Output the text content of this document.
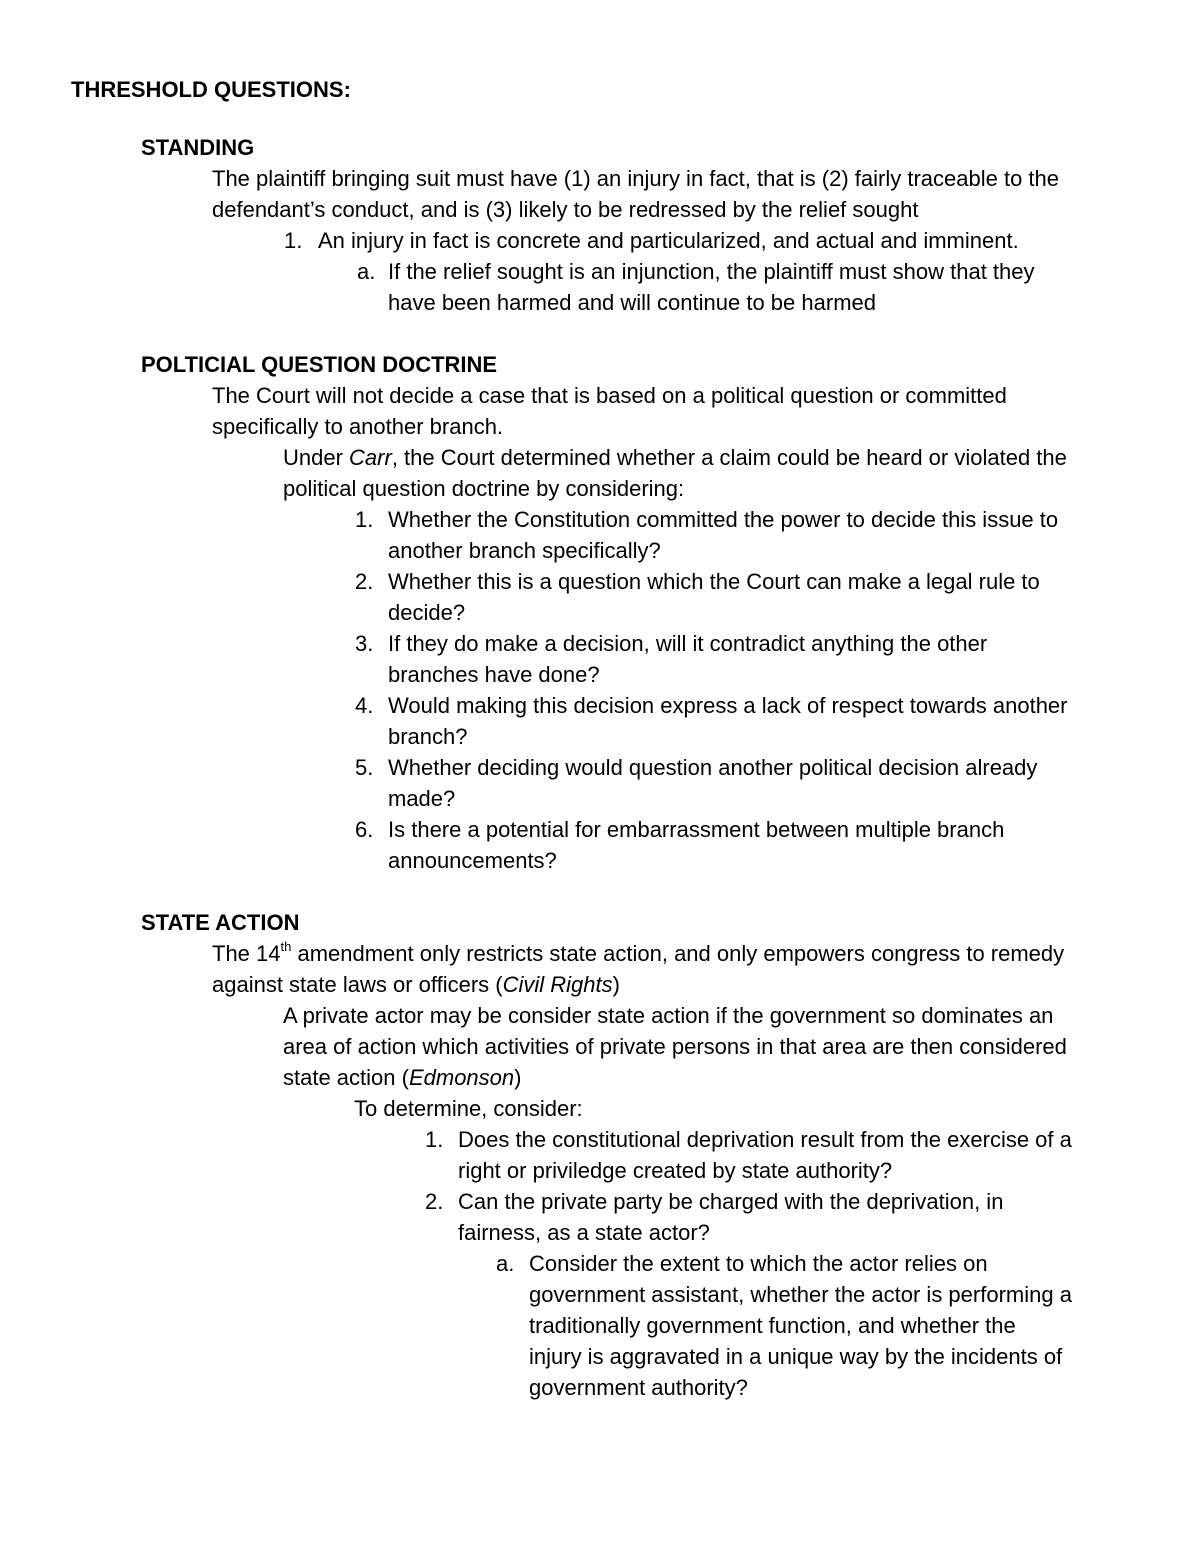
THRESHOLD QUESTIONS:
STANDING
The plaintiff bringing suit must have (1) an injury in fact, that is (2) fairly traceable to the
defendant’s conduct, and is (3) likely to be redressed by the relief sought
1. An injury in fact is concrete and particularized, and actual and imminent.
a. If the relief sought is an injunction, the plaintiff must show that they
have been harmed and will continue to be harmed
POLTICIAL QUESTION DOCTRINE
The Court will not decide a case that is based on a political question or committed
specifically to another branch.
Under Carr, the Court determined whether a claim could be heard or violated the
political question doctrine by considering:
1. Whether the Constitution committed the power to decide this issue to
another branch specifically?
2. Whether this is a question which the Court can make a legal rule to
decide?
3. If they do make a decision, will it contradict anything the other
branches have done?
4. Would making this decision express a lack of respect towards another
branch?
5. Whether deciding would question another political decision already
made?
6. Is there a potential for embarrassment between multiple branch
announcements?
STATE ACTION
The 14th amendment only restricts state action, and only empowers congress to remedy
against state laws or officers (Civil Rights)
A private actor may be consider state action if the government so dominates an
area of action which activities of private persons in that area are then considered
state action (Edmonson)
To determine, consider:
1. Does the constitutional deprivation result from the exercise of a
right or priviledge created by state authority?
2. Can the private party be charged with the deprivation, in
fairness, as a state actor?
a. Consider the extent to which the actor relies on
government assistant, whether the actor is performing a
traditionally government function, and whether the
injury is aggravated in a unique way by the incidents of
government authority?
